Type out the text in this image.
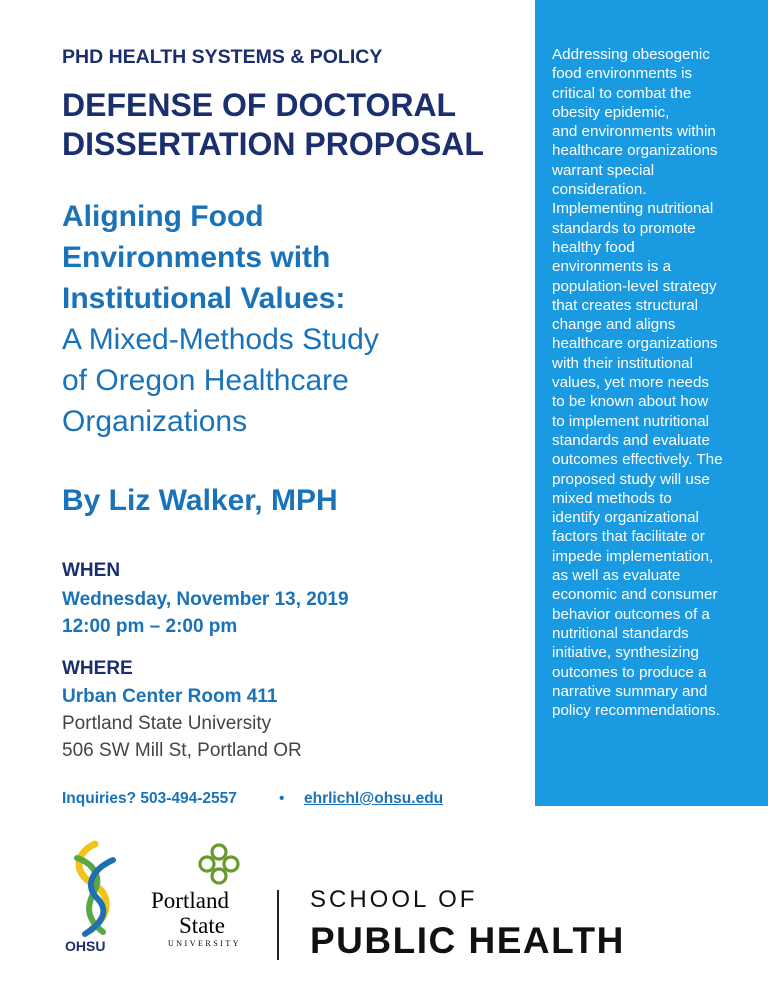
PHD HEALTH SYSTEMS & POLICY
DEFENSE OF DOCTORAL
DISSERTATION PROPOSAL
Aligning Food
Environments with
Institutional Values:
A Mixed-Methods Study
of Oregon Healthcare
Organizations
By Liz Walker, MPH
WHEN
Wednesday, November 13, 2019
12:00 pm – 2:00 pm
WHERE
Urban Center Room 411
Portland State University
506 SW Mill St, Portland OR
Inquiries? 503-494-2557	• ehrlichl@ohsu.edu
Addressing obesogenic
food environments is
critical to combat the
obesity epidemic,
and environments within
healthcare organizations
warrant special
consideration.
Implementing nutritional
standards to promote
healthy food
environments is a
population-level strategy
that creates structural
change and aligns
healthcare organizations
with their institutional
values, yet more needs
to be known about how
to implement nutritional
standards and evaluate
outcomes effectively. The
proposed study will use
mixed methods to
identify organizational
factors that facilitate or
impede implementation,
as well as evaluate
economic and consumer
behavior outcomes of a
nutritional standards
initiative, synthesizing
outcomes to produce a
narrative summary and
policy recommendations.
OHSU
Portland
State
UNIVERSITY
SCHOOL OF
PUBLIC HEALTH
